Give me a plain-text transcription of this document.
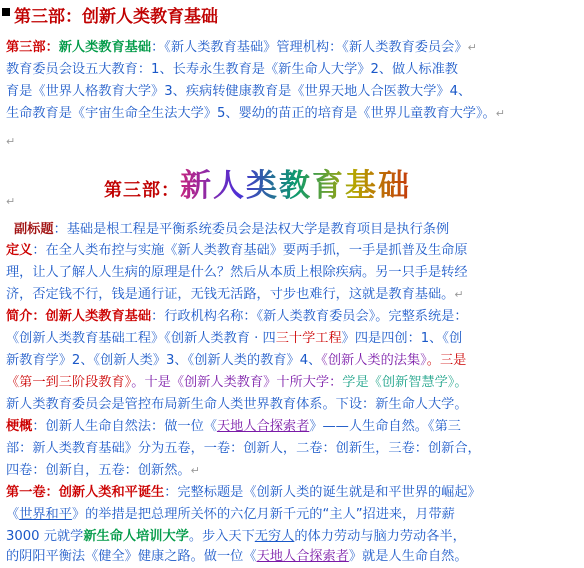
第三部：创新人类教育基础
第三部：新人类教育基础：《新人类教育基础》管理机构：《新人类教育委员会》↵
教育委员会设五大教育：1、长寿永生教育是《新生命人大学》2、做人标准教
育是《世界人格教育大学》3、疾病转健康教育是《世界天地人合医教大学》4、
生命教育是《宇宙生命全生法大学》5、婴幼的苗正的培育是《世界儿童教育大学》。↵
↵
第三部：新人类教育基础
↵
副标题：基础是根工程是平衡系统委员会是法权大学是教育项目是执行条例
定义：在全人类布控与实施《新人类教育基础》要两手抓，一手是抓普及生命原
理，让人了解人人生病的原理是什么？然后从本质上根除疾病。另一只手是转经
济，否定钱不行，钱是通行证，无钱无活路，寸步也难行，这就是教育基础。↵
简介：创新人类教育基础：行政机构名称：《新人类教育委员会》。完整系统是：
《创新人类教育基础工程》《创新人类教育 · 四三十学工程》四是四创：1、《创
新教育学》2、《创新人类》3、《创新人类的教育》4、《创新人类的法集》。三是
《第一到三阶段教育》。十是《创新人类教育》十所大学：学是《创新智慧学》。
新人类教育委员会是管控布局新生命人类世界教育体系。下设：新生命人大学。
梗概：创新人生命自然法：做一位《天地人合探索者》——人生命自然。《第三
部：新人类教育基础》分为五卷，一卷：创新人，二卷：创新生，三卷：创新合，
四卷：创新自，五卷：创新然。↵
第一卷：创新人类和平诞生：完整标题是《创新人类的诞生就是和平世界的崛起》
《世界和平》的举措是把总理所关怀的六亿月新千元的“主人”招进来，月带薪
3000 元就学新生命人培训大学。步入天下无穷人的体力劳动与脑力劳动各半，
的阴阳平衡法《健全》健康之路。做一位《天地人合探索者》就是人生命自然。
